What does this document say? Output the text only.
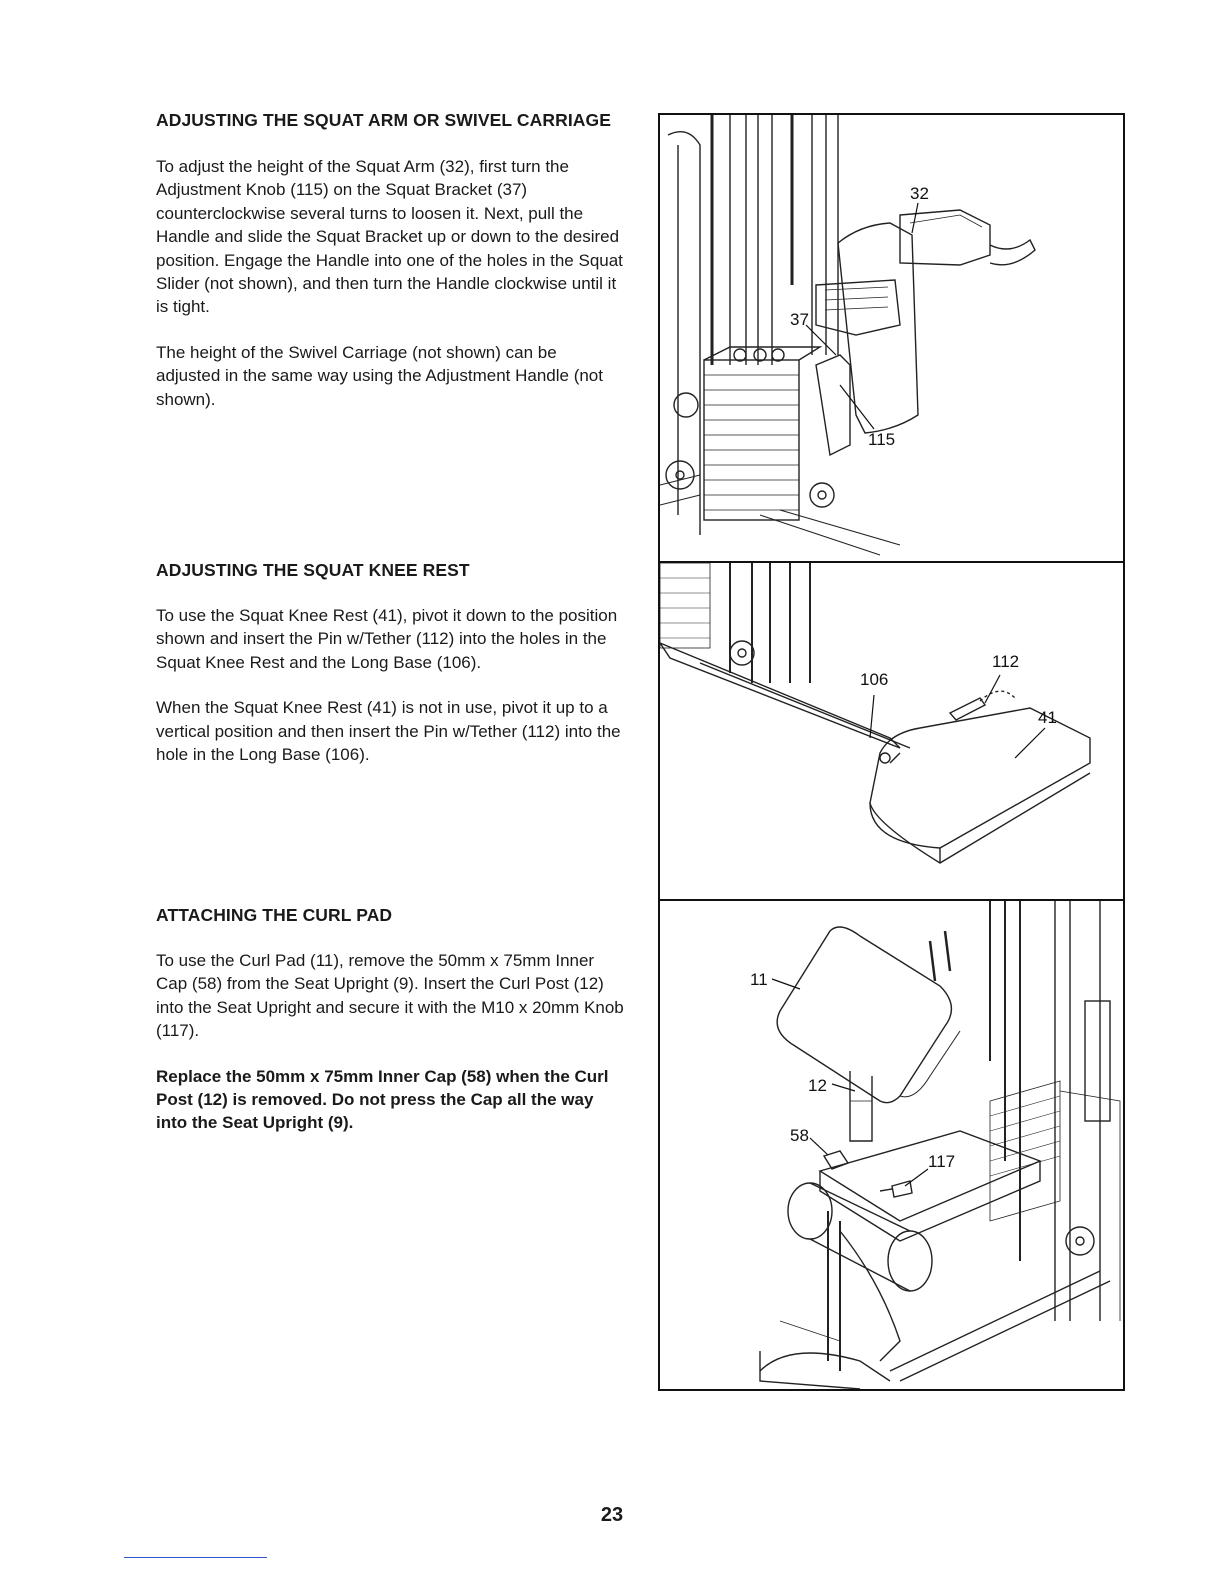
ADJUSTING THE SQUAT ARM OR SWIVEL CARRIAGE

To adjust the height of the Squat Arm (32), first turn the Adjustment Knob (115) on the Squat Bracket (37) counterclockwise several turns to loosen it. Next, pull the Handle and slide the Squat Bracket up or down to the desired position. Engage the Handle into one of the holes in the Squat Slider (not shown), and then turn the Handle clockwise until it is tight.

The height of the Swivel Carriage (not shown) can be adjusted in the same way using the Adjustment Handle (not shown).

ADJUSTING THE SQUAT KNEE REST

To use the Squat Knee Rest (41), pivot it down to the position shown and insert the Pin w/Tether (112) into the holes in the Squat Knee Rest and the Long Base (106).

When the Squat Knee Rest (41) is not in use, pivot it up to a vertical position and then insert the Pin w/Tether (112) into the hole in the Long Base (106).

ATTACHING THE CURL PAD

To use the Curl Pad (11), remove the 50mm x 75mm Inner Cap (58) from the Seat Upright (9). Insert the Curl Post (12) into the Seat Upright and secure it with the M10 x 20mm Knob (117).

Replace the 50mm x 75mm Inner Cap (58) when the Curl Post (12) is removed. Do not press the Cap all the way into the Seat Upright (9).

32
37
115
106
112
41
11
12
58
117
23
